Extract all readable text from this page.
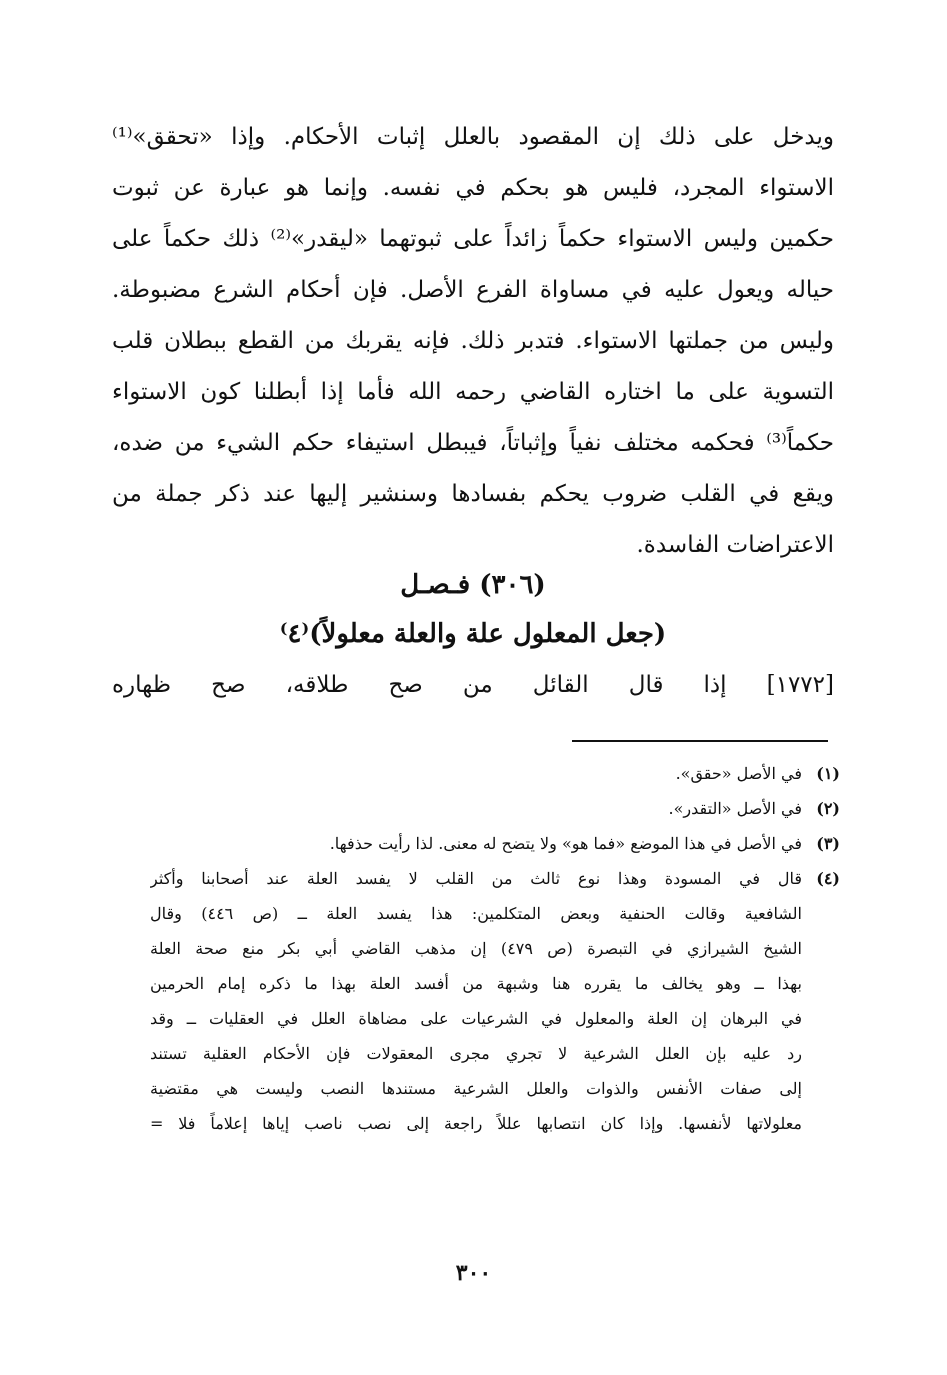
ويدخل على ذلك إن المقصود بالعلل إثبات الأحكام. وإذا «تحقق»⁽¹⁾
الاستواء المجرد، فليس هو بحكم في نفسه. وإنما هو عبارة عن ثبوت
حكمين وليس الاستواء حكماً زائداً على ثبوتهما «ليقدر»⁽²⁾ ذلك حكماً على
حياله ويعول عليه في مساواة الفرع الأصل. فإن أحكام الشرع مضبوطة.
وليس من جملتها الاستواء. فتدبر ذلك. فإنه يقربك من القطع ببطلان قلب
التسوية على ما اختاره القاضي رحمه الله فأما إذا أبطلنا كون الاستواء
حكماً⁽³⁾ فحكمه مختلف نفياً وإثباتاً، فيبطل استيفاء حكم الشيء من ضده،
ويقع في القلب ضروب يحكم بفسادها وسنشير إليها عند ذكر جملة من
الاعتراضات الفاسدة.
(٣٠٦) فـصـل
(جعل المعلول علة والعلة معلولاً)⁽٤⁾
[١٧٧٢] إذا قال القائل من صح طلاقه، صح ظهاره
(١)
في الأصل «حقق».
(٢)
في الأصل «التقدر».
(٣)
في الأصل في هذا الموضع «فما هو» ولا يتضح له معنى. لذا رأيت حذفها.
(٤)
قال في المسودة وهذا نوع ثالث من القلب لا يفسد العلة عند أصحابنا وأكثر
الشافعية وقالت الحنفية وبعض المتكلمين: هذا يفسد العلة ــ (ص ٤٤٦) وقال
الشيخ الشيرازي في التبصرة (ص ٤٧٩) إن مذهب القاضي أبي بكر منع صحة العلة
بهذا ــ وهو يخالف ما يقرره هنا وشبهة من أفسد العلة بهذا ما ذكره إمام الحرمين
في البرهان إن العلة والمعلول في الشرعيات على مضاهاة العلل في العقليات ــ وقد
رد عليه بإن العلل الشرعية لا تجري مجرى المعقولات فإن الأحكام العقلية تستند
إلى صفات الأنفس والذوات والعلل الشرعية مستندها النصب وليست هي مقتضية
معلولاتها لأنفسها. وإذا كان انتصابها عللاً راجعة إلى نصب ناصب إياها إعلاماً فلا =
٣٠٠
